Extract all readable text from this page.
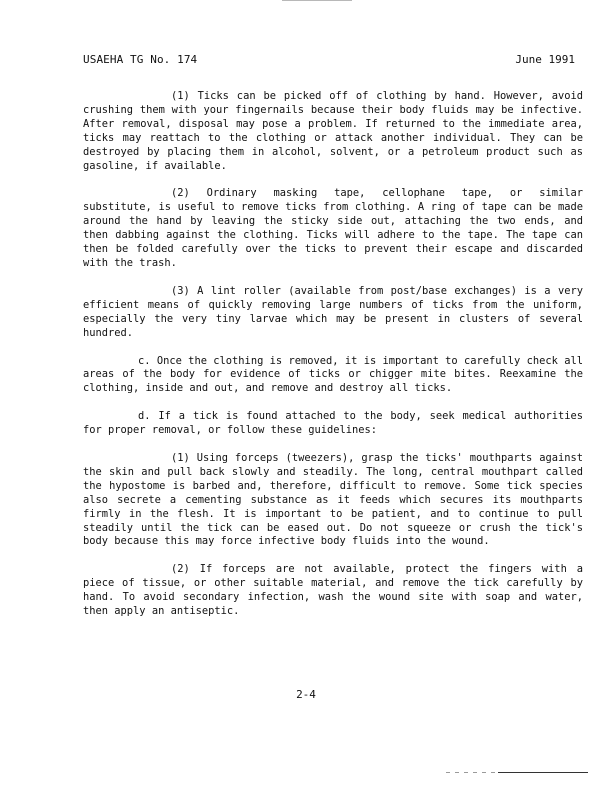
USAEHA TG No. 174	June 1991

(1) Ticks can be picked off of clothing by hand. However, avoid crushing them with your fingernails because their body fluids may be infective. After removal, disposal may pose a problem. If returned to the immediate area, ticks may reattach to the clothing or attack another individual. They can be destroyed by placing them in alcohol, solvent, or a petroleum product such as gasoline, if available.

(2) Ordinary masking tape, cellophane tape, or similar substitute, is useful to remove ticks from clothing. A ring of tape can be made around the hand by leaving the sticky side out, attaching the two ends, and then dabbing against the clothing. Ticks will adhere to the tape. The tape can then be folded carefully over the ticks to prevent their escape and discarded with the trash.

(3) A lint roller (available from post/base exchanges) is a very efficient means of quickly removing large numbers of ticks from the uniform, especially the very tiny larvae which may be present in clusters of several hundred.

c. Once the clothing is removed, it is important to carefully check all areas of the body for evidence of ticks or chigger mite bites. Reexamine the clothing, inside and out, and remove and destroy all ticks.

d. If a tick is found attached to the body, seek medical authorities for proper removal, or follow these guidelines:

(1) Using forceps (tweezers), grasp the ticks' mouthparts against the skin and pull back slowly and steadily. The long, central mouthpart called the hypostome is barbed and, therefore, difficult to remove. Some tick species also secrete a cementing substance as it feeds which secures its mouthparts firmly in the flesh. It is important to be patient, and to continue to pull steadily until the tick can be eased out. Do not squeeze or crush the tick's body because this may force infective body fluids into the wound.

(2) If forceps are not available, protect the fingers with a piece of tissue, or other suitable material, and remove the tick carefully by hand. To avoid secondary infection, wash the wound site with soap and water, then apply an antiseptic.

2-4
